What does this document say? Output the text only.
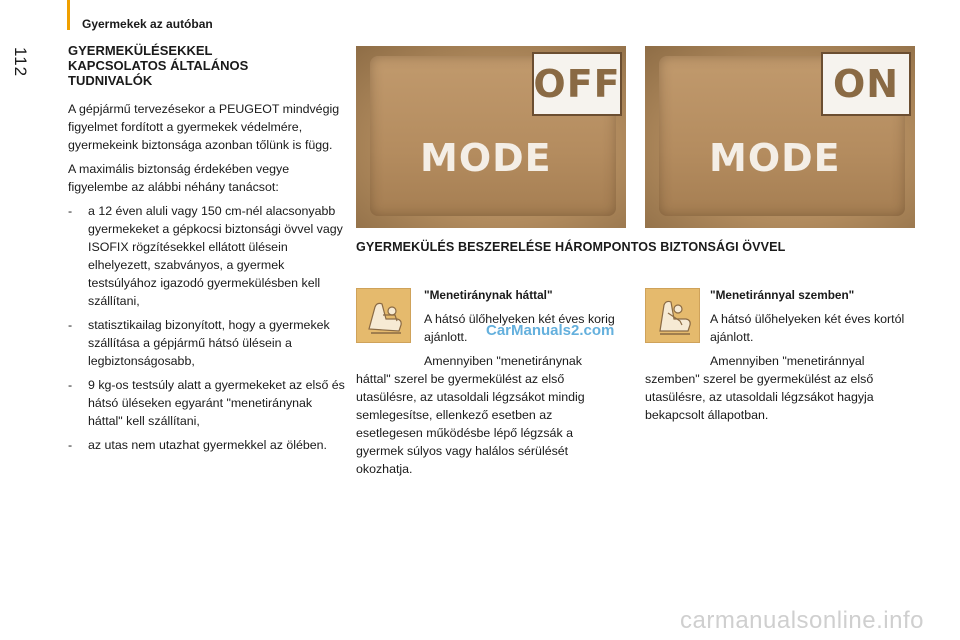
Gyermekek az autóban
112	GYERMEKÜLÉSEKKEL
KAPCSOLATOS ÁLTALÁNOS
TUDNIVALÓK

A gépjármű tervezésekor a PEUGEOT mindvégig figyelmet fordított a gyermekek védelmére, gyermekeink biztonsága azonban tőlünk is függ.

A maximális biztonság érdekében vegye figyelembe az alábbi néhány tanácsot:

- a 12 éven aluli vagy 150 cm-nél alacsonyabb gyermekeket a gépkocsi biztonsági övvel vagy ISOFIX rögzítésekkel ellátott ülésein elhelyezett, szabványos, a gyermek testsúlyához igazodó gyermekülésben kell szállítani,
- statisztikailag bizonyított, hogy a gyermekek szállítása a gépjármű hátsó ülésein a legbiztonságosabb,
- 9 kg-os testsúly alatt a gyermekeket az első és hátsó üléseken egyaránt "menetiránynak háttal" kell szállítani,
- az utas nem utazhat gyermekkel az ölében.
OFF
MODE
ON
MODE
GYERMEKÜLÉS BESZERELÉSE HÁROMPONTOS BIZTONSÁGI ÖVVEL
"Menetiránynak háttal"

A hátsó ülőhelyeken két éves korig ajánlott.

Amennyiben "menetiránynak
háttal" szerel be gyermekülést az első
utasülésre, az utasoldali légzsákot mindig
semlegesítse, ellenkező esetben az
esetlegesen működésbe lépő légzsák a
gyermek súlyos vagy halálos sérülését
okozhatja.
"Menetiránnyal szemben"

A hátsó ülőhelyeken két éves kortól ajánlott.

Amennyiben "menetiránnyal
szemben" szerel be gyermekülést az első
utasülésre, az utasoldali légzsákot hagyja
bekapcsolt állapotban.
CarManuals2.com
carmanualsonline.info
